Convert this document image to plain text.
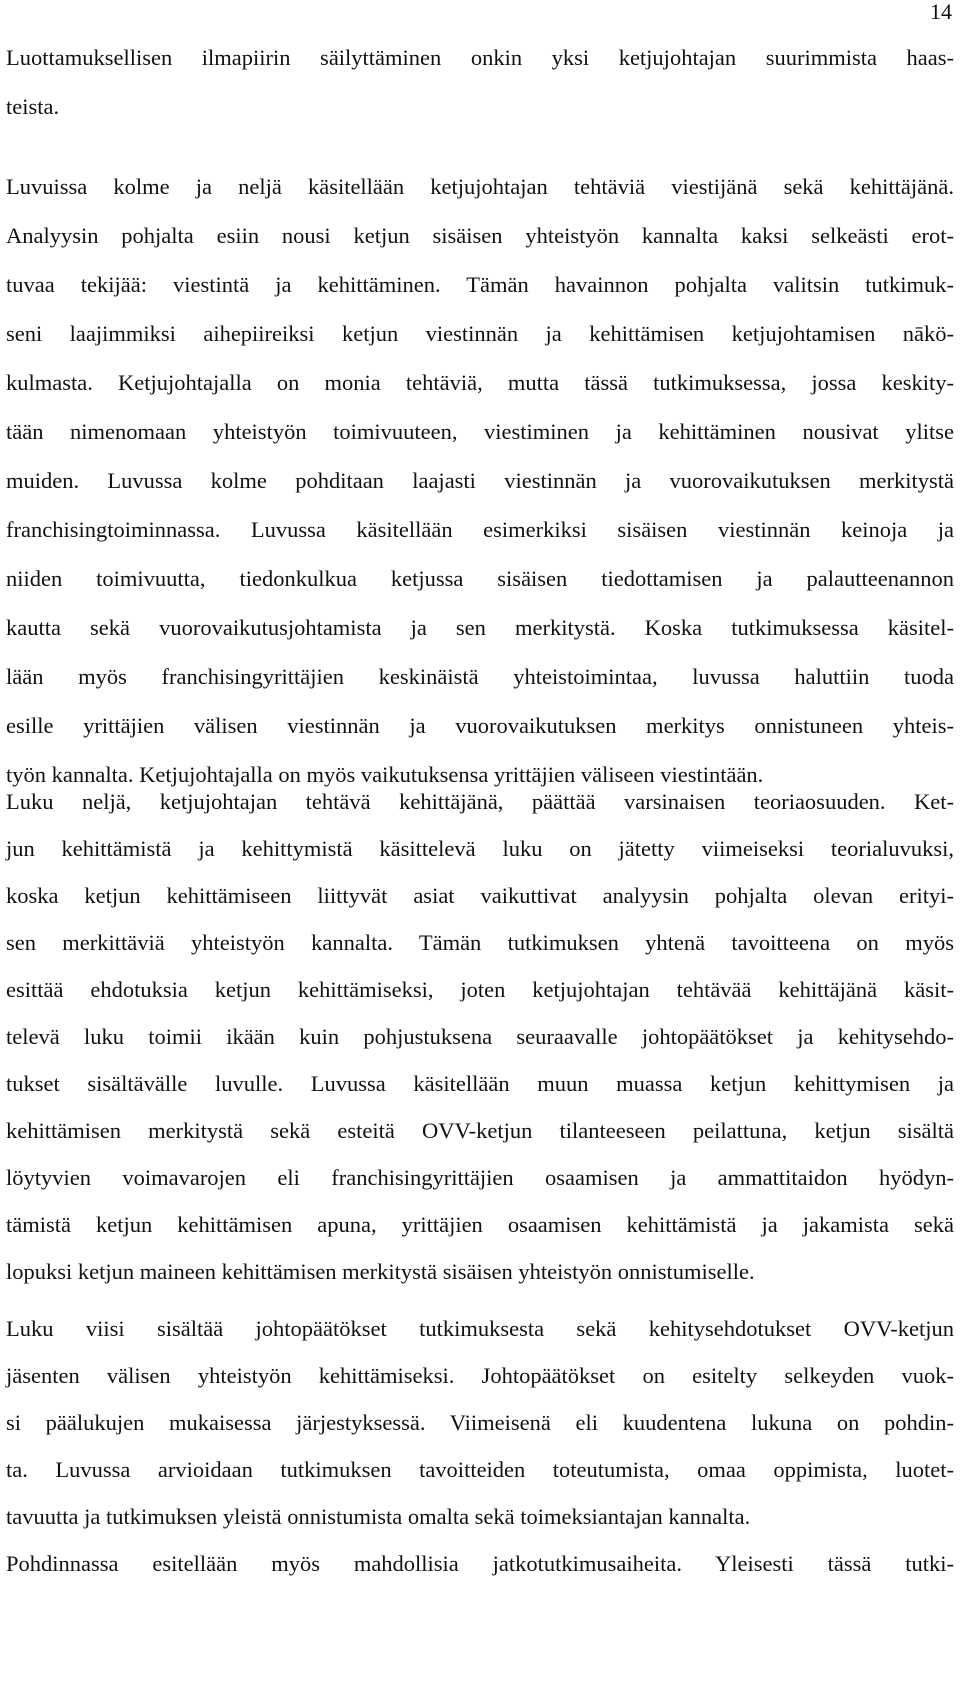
14
Luottamuksellisen ilmapiirin säilyttäminen onkin yksi ketjujohtajan suurimmista haas-
teista.
Luvuissa kolme ja neljä käsitellään ketjujohtajan tehtäviä viestijänä sekä kehittäjänä.
Analyysin pohjalta esiin nousi ketjun sisäisen yhteistyön kannalta kaksi selkeästi erot-
tuvaa tekijää: viestintä ja kehittäminen. Tämän havainnon pohjalta valitsin tutkimuk-
seni laajimmiksi aihepiireiksi ketjun viestinnän ja kehittämisen ketjujohtamisen nākö-
kulmasta. Ketjujohtajalla on monia tehtäviä, mutta tässä tutkimuksessa, jossa keskity-
tään nimenomaan yhteistyön toimivuuteen, viestiminen ja kehittäminen nousivat ylitse
muiden. Luvussa kolme pohditaan laajasti viestinnän ja vuorovaikutuksen merkitystä
franchisingtoiminnassa. Luvussa käsitellään esimerkiksi sisäisen viestinnän keinoja ja
niiden toimivuutta, tiedonkulkua ketjussa sisäisen tiedottamisen ja palautteenannon
kautta sekä vuorovaikutusjohtamista ja sen merkitystä. Koska tutkimuksessa käsitel-
lään myös franchisingyrittäjien keskinäistä yhteistoimintaa, luvussa haluttiin tuoda
esille yrittäjien välisen viestinnän ja vuorovaikutuksen merkitys onnistuneen yhteis-
työn kannalta. Ketjujohtajalla on myös vaikutuksensa yrittäjien väliseen viestintään.
Luku neljä, ketjujohtajan tehtävä kehittäjänä, päättää varsinaisen teoriaosuuden. Ket-
jun kehittämistä ja kehittymistä käsittelevä luku on jätetty viimeiseksi teorialuvuksi,
koska ketjun kehittämiseen liittyvät asiat vaikuttivat analyysin pohjalta olevan erityi-
sen merkittäviä yhteistyön kannalta. Tämän tutkimuksen yhtenä tavoitteena on myös
esittää ehdotuksia ketjun kehittämiseksi, joten ketjujohtajan tehtävää kehittäjänä käsit-
televä luku toimii ikään kuin pohjustuksena seuraavalle johtopäätökset ja kehitysehdo-
tukset sisältävälle luvulle. Luvussa käsitellään muun muassa ketjun kehittymisen ja
kehittämisen merkitystä sekä esteitä OVV-ketjun tilanteeseen peilattuna, ketjun sisältä
löytyvien voimavarojen eli franchisingyrittäjien osaamisen ja ammattitaidon hyödyn-
tämistä ketjun kehittämisen apuna, yrittäjien osaamisen kehittämistä ja jakamista sekä
lopuksi ketjun maineen kehittämisen merkitystä sisäisen yhteistyön onnistumiselle.
Luku viisi sisältää johtopäätökset tutkimuksesta sekä kehitysehdotukset OVV-ketjun
jäsenten välisen yhteistyön kehittämiseksi. Johtopäätökset on esitelty selkeyden vuok-
si päälukujen mukaisessa järjestyksessä. Viimeisenä eli kuudentena lukuna on pohdin-
ta. Luvussa arvioidaan tutkimuksen tavoitteiden toteutumista, omaa oppimista, luotet-
tavuutta ja tutkimuksen yleistä onnistumista omalta sekä toimeksiantajan kannalta.
Pohdinnassa esitellään myös mahdollisia jatkotutkimusaiheita. Yleisesti tässä tutki-
